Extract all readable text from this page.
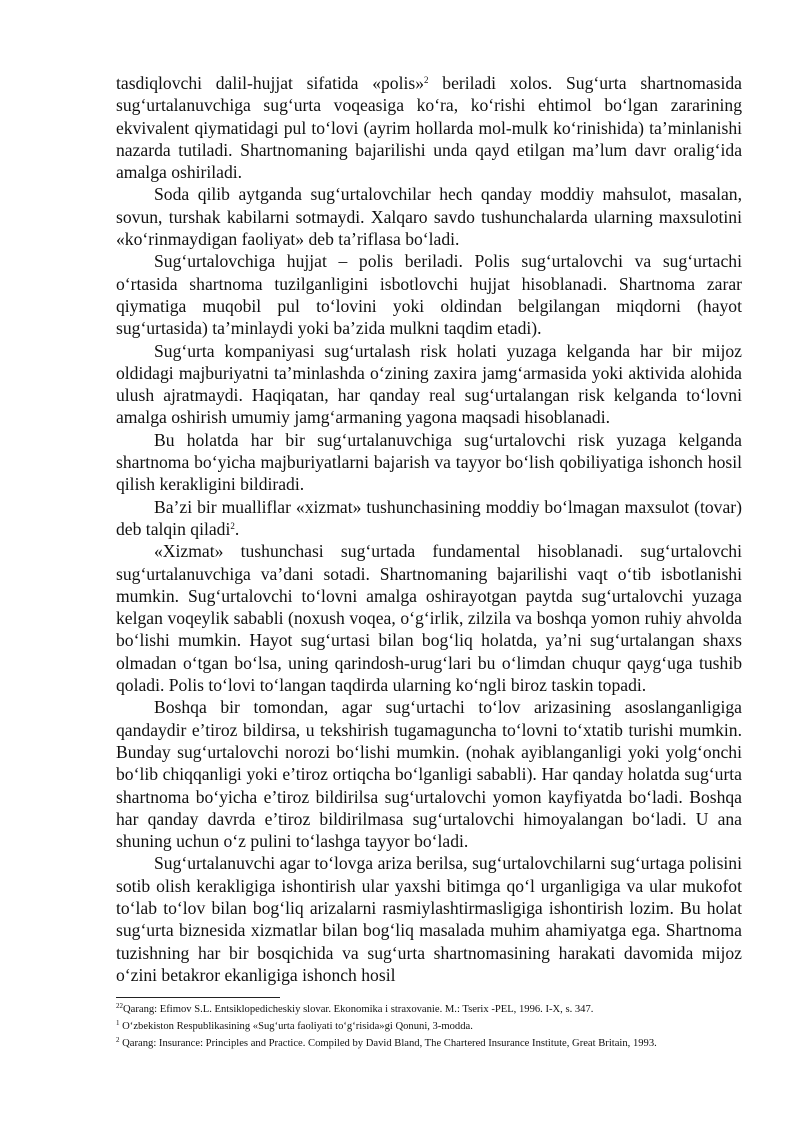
tasdiqlovchi dalil-hujjat sifatida «polis»$^2$ beriladi xolos. Sug‘urta shartnomasida sug‘urtalanuvchiga sug‘urta voqeasiga ko‘ra, ko‘rishi ehtimol bo‘lgan zararining ekvivalent qiymatidagi pul to‘lovi (ayrim hollarda mol-mulk ko‘rinishida) ta’minlanishi nazarda tutiladi. Shartnomaning bajarilishi unda qayd etilgan ma’lum davr oralig‘ida amalga oshiriladi.

Soda qilib aytganda sug‘urtalovchilar hech qanday moddiy mahsulot, masalan, sovun, turshak kabilarni sotmaydi. Xalqaro savdo tushunchalarda ularning maxsulotini «ko‘rinmaydigan faoliyat» deb ta’riflasa bo‘ladi.

Sug‘urtalovchiga hujjat – polis beriladi. Polis sug‘urtalovchi va sug‘urtachi o‘rtasida shartnoma tuzilganligini isbotlovchi hujjat hisoblanadi. Shartnoma zarar qiymatiga muqobil pul to‘lovini yoki oldindan belgilangan miqdorni (hayot sug‘urtasida) ta’minlaydi yoki ba’zida mulkni taqdim etadi).

Sug‘urta kompaniyasi sug‘urtalash risk holati yuzaga kelganda har bir mijoz oldidagi majburiyatni ta’minlashda o‘zining zaxira jamg‘armasida yoki aktivida alohida ulush ajratmaydi. Haqiqatan, har qanday real sug‘urtalangan risk kelganda to‘lovni amalga oshirish umumiy jamg‘armaning yagona maqsadi hisoblanadi.

Bu holatda har bir sug‘urtalanuvchiga sug‘urtalovchi risk yuzaga kelganda shartnoma bo‘yicha majburiyatlarni bajarish va tayyor bo‘lish qobiliyatiga ishonch hosil qilish kerakligini bildiradi.

Ba’zi bir mualliflar «xizmat» tushunchasining moddiy bo‘lmagan maxsulot (tovar) deb talqin qiladi$^2$.

«Xizmat» tushunchasi sug‘urtada fundamental hisoblanadi. sug‘urtalovchi sug‘urtalanuvchiga va’dani sotadi. Shartnomaning bajarilishi vaqt o‘tib isbotlanishi mumkin. Sug‘urtalovchi to‘lovni amalga oshirayotgan paytda sug‘urtalovchi yuzaga kelgan voqeylik sababli (noxush voqea, o‘g‘irlik, zilzila va boshqa yomon ruhiy ahvolda bo‘lishi mumkin. Hayot sug‘urtasi bilan bog‘liq holatda, ya’ni sug‘urtalangan shaxs olmadan o‘tgan bo‘lsa, uning qarindosh-urug‘lari bu o‘limdan chuqur qayg‘uga tushib qoladi. Polis to‘lovi to‘langan taqdirda ularning ko‘ngli biroz taskin topadi.

Boshqa bir tomondan, agar sug‘urtachi to‘lov arizasining asoslanganligiga qandaydir e’tiroz bildirsa, u tekshirish tugamaguncha to‘lovni to‘xtatib turishi mumkin. Bunday sug‘urtalovchi norozi bo‘lishi mumkin. (nohak ayiblanganligi yoki yolg‘onchi bo‘lib chiqqanligi yoki e’tiroz ortiqcha bo‘lganligi sababli). Har qanday holatda sug‘urta shartnoma bo‘yicha e’tiroz bildirilsa sug‘urtalovchi yomon kayfiyatda bo‘ladi. Boshqa har qanday davrda e’tiroz bildirilmasa sug‘urtalovchi himoyalangan bo‘ladi. U ana shuning uchun o‘z pulini to‘lashga tayyor bo‘ladi.

Sug‘urtalanuvchi agar to‘lovga ariza berilsa, sug‘urtalovchilarni sug‘urtaga polisini sotib olish kerakligiga ishontirish ular yaxshi bitimga qo‘l urganligiga va ular mukofot to‘lab to‘lov bilan bog‘liq arizalarni rasmiylashtirmasligiga ishontirish lozim. Bu holat sug‘urta biznesida xizmatlar bilan bog‘liq masalada muhim ahamiyatga ega. Shartnoma tuzishning har bir bosqichida va sug‘urta shartnomasining harakati davomida mijoz o‘zini betakror ekanligiga ishonch hosil

$^{22}$Qarang: Efimov S.L. Entsiklopedicheskiy slovar. Ekonomika i straxovanie. M.: Tserix -PEL, 1996. I-X, s. 347.

$^1$ O‘zbekiston Respublikasining «Sug‘urta faoliyati to‘g‘risida»gi Qonuni, 3-modda.

$^2$ Qarang: Insurance: Principles and Practice. Compiled by David Bland, The Chartered Insurance Institute, Great Britain, 1993.
